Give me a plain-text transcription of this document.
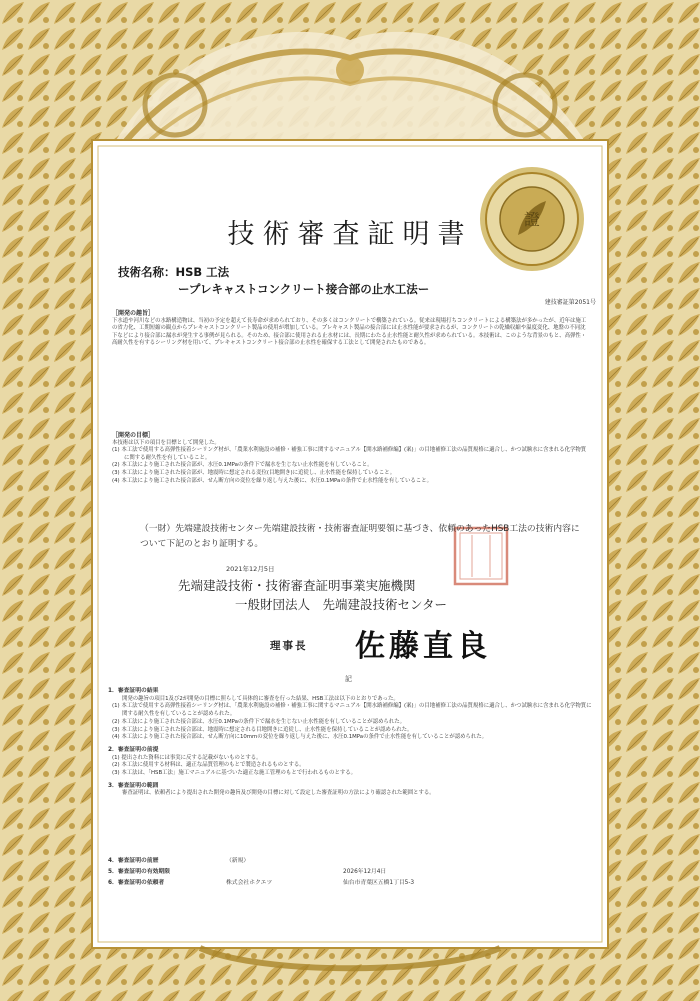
證
技術審査証明書
技術名称：HSB 工法
ープレキャストコンクリート接合部の止水工法ー
建技審証第2051号

［開発の趣旨］

下水道や河川などの水路構造物は、当初の予定を超えて長寿命が求められており、その多くはコンクリートで構築されている。従来は現場打ちコンクリートによる構築法が多かったが、近年は施工の省力化、工期短縮の観点からプレキャストコンクリート製品の使用が増加している。プレキャスト製品の接合部には止水性能が要求されるが、コンクリートの乾燥収縮や温度変化、地盤の不同沈下などにより接合部に漏水が発生する事例が見られる。そのため、接合部に使用される止水材には、長期にわたる止水性能と耐久性が求められている。本技術は、このような背景のもと、高弾性・高耐久性を有するシーリング材を用いて、プレキャストコンクリート接合部の止水性を確保する工法として開発されたものである。

［開発の目標］

本技術は以下の項目を目標として開発した。

(1) 本工法で使用する高弾性接着シーリング材が、「農業水利施設の補修・補強工事に関するマニュアル【開水路補修編】(案)」の目地補修工法の品質規格に適合し、かつ試験水に含まれる化学物質に関する耐久性を有していること。

(2) 本工法により施工された接合部が、水圧0.1MPaの条件下で漏水を生じない止水性能を有していること。

(3) 本工法により施工された接合部が、地震時に想定される変位(目地開き)に追従し、止水性能を保持していること。

(4) 本工法により施工された接合部が、せん断方向の変位を繰り返し与えた後に、水圧0.1MPaの条件で止水性能を有していること。

（一財）先端建設技術センター先端建設技術・技術審査証明要領に基づき、依頼のあったHSB工法の技術内容について下記のとおり証明する。
2021年12月5日
先端建設技術・技術審査証明事業実施機関
一般財団法人　先端建設技術センター
理事長 佐藤直良
記

1．審査証明の結果

開発の趣旨の項目1及び2が開発の目標に照らして具体的に審査を行った結果、HSB工法は以下のとおりであった。

(1) 本工法で使用する高弾性接着シーリング材は、「農業水利施設の補修・補強工事に関するマニュアル【開水路補修編】(案)」の目地補修工法の品質規格に適合し、かつ試験水に含まれる化学物質に関する耐久性を有していることが認められた。

(2) 本工法により施工された接合部は、水圧0.1MPaの条件下で漏水を生じない止水性能を有していることが認められた。

(3) 本工法により施工された接合部は、地震時に想定される目地開きに追従し、止水性能を保持していることが認められた。

(4) 本工法により施工された接合部は、せん断方向に10mmの変位を繰り返し与えた後に、水圧0.1MPaの条件で止水性能を有していることが認められた。

2．審査証明の前提

(1) 提出された資料には事実に反する記載がないものとする。

(2) 本工法に使用する材料は、適正な品質管理のもとで製造されるものとする。

(3) 本工法は、「HSB工法」施工マニュアルに基づいた適正な施工管理のもとで行われるものとする。

3．審査証明の範囲

審査証明は、依頼者により提出された開発の趣旨及び開発の目標に対して設定した審査証明の方法により確認された範囲とする。

4．審査証明の前歴	（新規）
5．審査証明の有効期限	2026年12月4日
6．審査証明の依頼者	株式会社ホクエツ	仙台市青葉区五橋1丁目5-3
